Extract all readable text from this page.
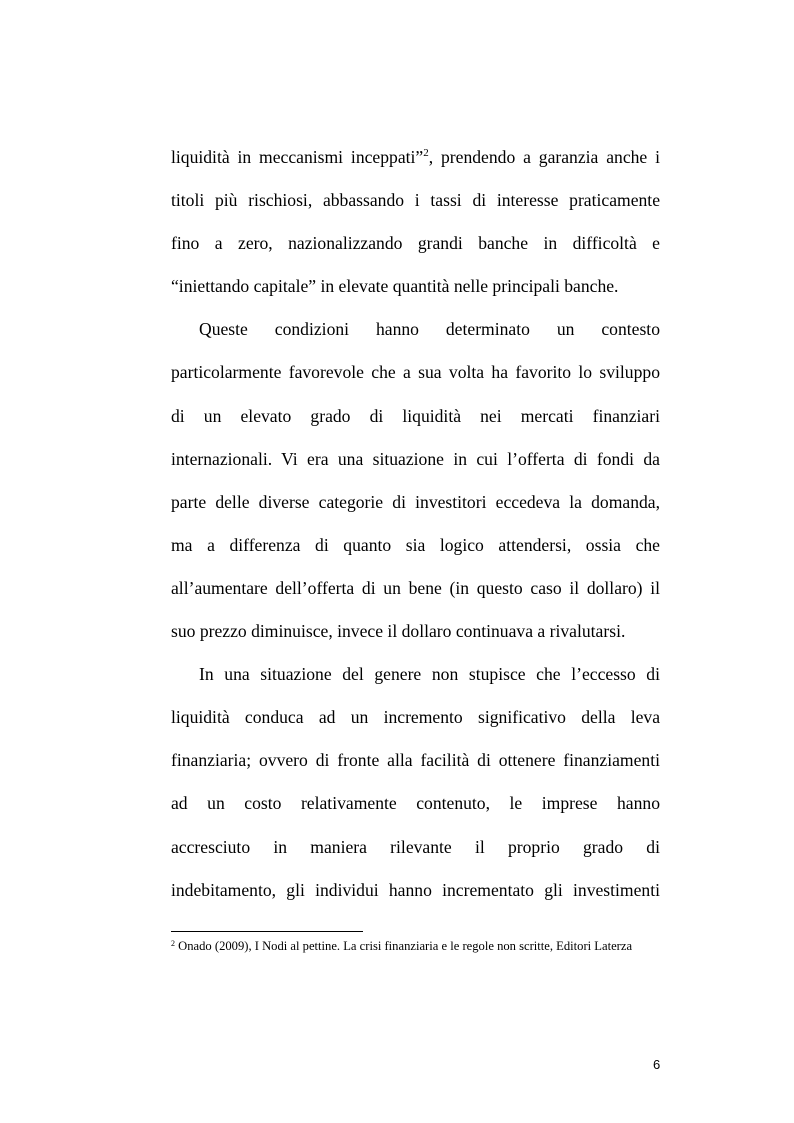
liquidità in meccanismi inceppati”$^2$, prendendo a garanzia anche i
titoli più rischiosi, abbassando i tassi di interesse praticamente
fino a zero, nazionalizzando grandi banche in difficoltà e
“iniettando capitale” in elevate quantità nelle principali banche.
Queste condizioni hanno determinato un contesto
particolarmente favorevole che a sua volta ha favorito lo sviluppo
di un elevato grado di liquidità nei mercati finanziari
internazionali. Vi era una situazione in cui l’offerta di fondi da
parte delle diverse categorie di investitori eccedeva la domanda,
ma a differenza di quanto sia logico attendersi, ossia che
all’aumentare dell’offerta di un bene (in questo caso il dollaro) il
suo prezzo diminuisce, invece il dollaro continuava a rivalutarsi.
In una situazione del genere non stupisce che l’eccesso di
liquidità conduca ad un incremento significativo della leva
finanziaria; ovvero di fronte alla facilità di ottenere finanziamenti
ad un costo relativamente contenuto, le imprese hanno
accresciuto in maniera rilevante il proprio grado di
indebitamento, gli individui hanno incrementato gli investimenti
$^2$ Onado (2009), I Nodi al pettine. La crisi finanziaria e le regole non scritte, Editori Laterza
6
